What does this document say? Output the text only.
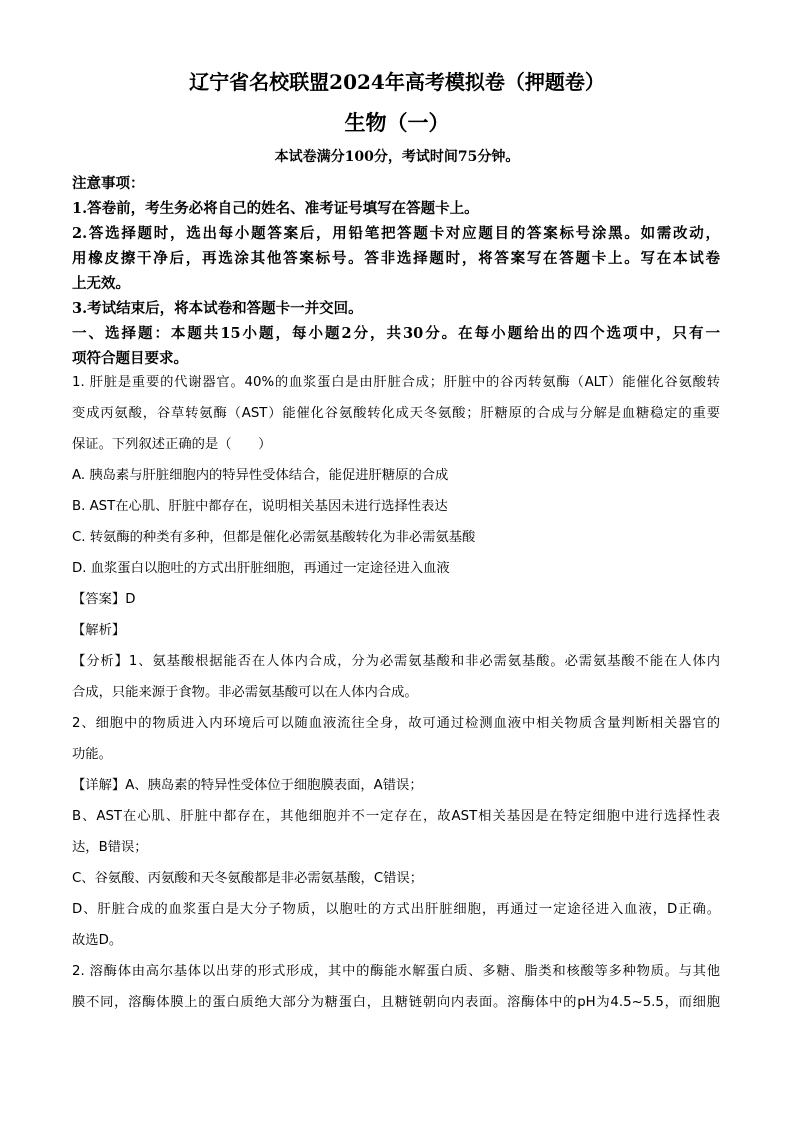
辽宁省名校联盟2024年高考模拟卷（押题卷）
生物（一）
本试卷满分100分，考试时间75分钟。
注意事项：
1.答卷前，考生务必将自己的姓名、准考证号填写在答题卡上。
2.答选择题时，选出每小题答案后，用铅笔把答题卡对应题目的答案标号涂黑。如需改动，
用橡皮擦干净后，再选涂其他答案标号。答非选择题时，将答案写在答题卡上。写在本试卷
上无效。
3.考试结束后，将本试卷和答题卡一并交回。
一、选择题：本题共15小题，每小题2分，共30分。在每小题给出的四个选项中，只有一
项符合题目要求。
1. 肝脏是重要的代谢器官。40%的血浆蛋白是由肝脏合成；肝脏中的谷丙转氨酶（ALT）能催化谷氨酸转
变成丙氨酸，谷草转氨酶（AST）能催化谷氨酸转化成天冬氨酸；肝糖原的合成与分解是血糖稳定的重要
保证。下列叙述正确的是（　　）
A. 胰岛素与肝脏细胞内的特异性受体结合，能促进肝糖原的合成
B. AST在心肌、肝脏中都存在，说明相关基因未进行选择性表达
C. 转氨酶的种类有多种，但都是催化必需氨基酸转化为非必需氨基酸
D. 血浆蛋白以胞吐的方式出肝脏细胞，再通过一定途径进入血液
【答案】D
【解析】
【分析】1、氨基酸根据能否在人体内合成，分为必需氨基酸和非必需氨基酸。必需氨基酸不能在人体内
合成，只能来源于食物。非必需氨基酸可以在人体内合成。
2、细胞中的物质进入内环境后可以随血液流往全身，故可通过检测血液中相关物质含量判断相关器官的
功能。
【详解】A、胰岛素的特异性受体位于细胞膜表面，A错误；
B、AST在心肌、肝脏中都存在，其他细胞并不一定存在，故AST相关基因是在特定细胞中进行选择性表
达，B错误；
C、谷氨酸、丙氨酸和天冬氨酸都是非必需氨基酸，C错误；
D、肝脏合成的血浆蛋白是大分子物质，以胞吐的方式出肝脏细胞，再通过一定途径进入血液，D正确。
故选D。
2. 溶酶体由高尔基体以出芽的形式形成，其中的酶能水解蛋白质、多糖、脂类和核酸等多种物质。与其他
膜不同，溶酶体膜上的蛋白质绝大部分为糖蛋白，且糖链朝向内表面。溶酶体中的pH为4.5~5.5，而细胞
